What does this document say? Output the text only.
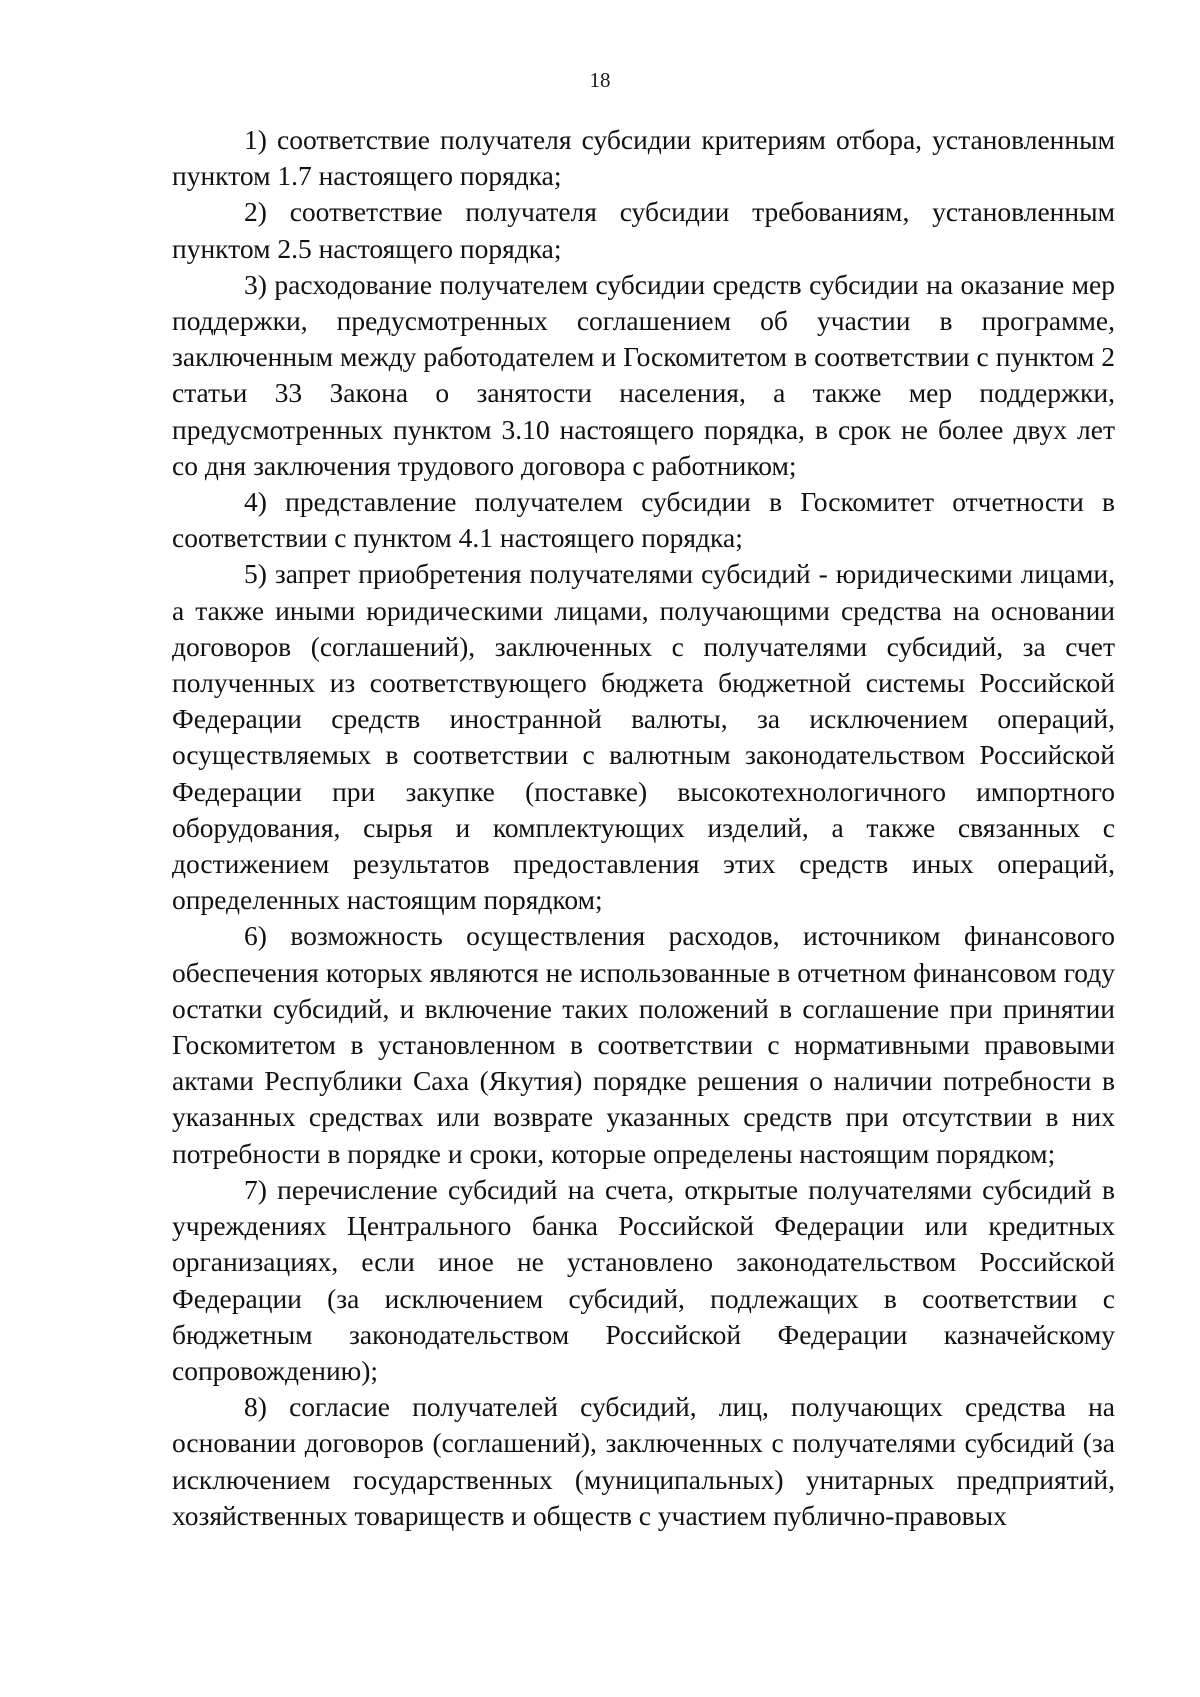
18

1) соответствие получателя субсидии критериям отбора, установленным пунктом 1.7 настоящего порядка;

2) соответствие получателя субсидии требованиям, установленным пунктом 2.5 настоящего порядка;

3) расходование получателем субсидии средств субсидии на оказание мер поддержки, предусмотренных соглашением об участии в программе, заключенным между работодателем и Госкомитетом в соответствии с пунктом 2 статьи 33 Закона о занятости населения, а также мер поддержки, предусмотренных пунктом 3.10 настоящего порядка, в срок не более двух лет со дня заключения трудового договора с работником;

4) представление получателем субсидии в Госкомитет отчетности в соответствии с пунктом 4.1 настоящего порядка;

5) запрет приобретения получателями субсидий - юридическими лицами, а также иными юридическими лицами, получающими средства на основании договоров (соглашений), заключенных с получателями субсидий, за счет полученных из соответствующего бюджета бюджетной системы Российской Федерации средств иностранной валюты, за исключением операций, осуществляемых в соответствии с валютным законодательством Российской Федерации при закупке (поставке) высокотехнологичного импортного оборудования, сырья и комплектующих изделий, а также связанных с достижением результатов предоставления этих средств иных операций, определенных настоящим порядком;

6) возможность осуществления расходов, источником финансового обеспечения которых являются не использованные в отчетном финансовом году остатки субсидий, и включение таких положений в соглашение при принятии Госкомитетом в установленном в соответствии с нормативными правовыми актами Республики Саха (Якутия) порядке решения о наличии потребности в указанных средствах или возврате указанных средств при отсутствии в них потребности в порядке и сроки, которые определены настоящим порядком;

7) перечисление субсидий на счета, открытые получателями субсидий в учреждениях Центрального банка Российской Федерации или кредитных организациях, если иное не установлено законодательством Российской Федерации (за исключением субсидий, подлежащих в соответствии с бюджетным законодательством Российской Федерации казначейскому сопровождению);

8) согласие получателей субсидий, лиц, получающих средства на основании договоров (соглашений), заключенных с получателями субсидий (за исключением государственных (муниципальных) унитарных предприятий, хозяйственных товариществ и обществ с участием публично-правовых
